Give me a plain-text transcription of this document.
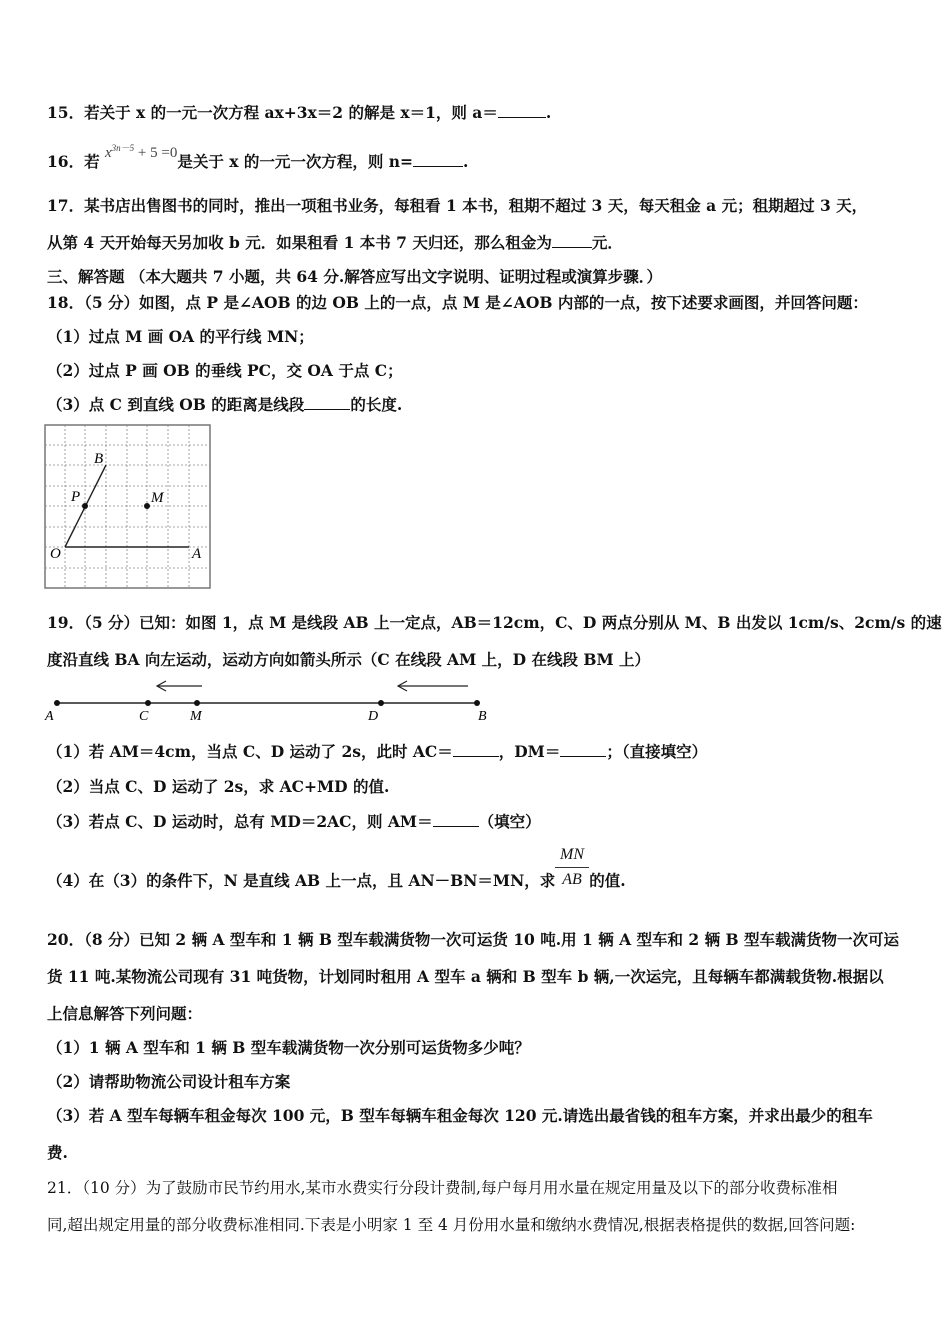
15．若关于 x 的一元一次方程 ax+3x＝2 的解是 x＝1，则 a＝	.
16．若 $x^{3n-5} + 5 =0$是关于 x 的一元一次方程，则 n=	.
17．某书店出售图书的同时，推出一项租书业务，每租看 1 本书，租期不超过 3 天，每天租金 a 元；租期超过 3 天，
从第 4 天开始每天另加收 b 元．如果租看 1 本书 7 天归还，那么租金为	元．
三、解答题 （本大题共 7 小题，共 64 分.解答应写出文字说明、证明过程或演算步骤．）
18．（5 分）如图，点 P 是∠AOB 的边 OB 上的一点，点 M 是∠AOB 内部的一点，按下述要求画图，并回答问题：
（1）过点 M 画 OA 的平行线 MN；
（2）过点 P 画 OB 的垂线 PC，交 OA 于点 C；
（3）点 C 到直线 OB 的距离是线段	的长度.
B
P	M
O	A
19．（5 分）已知：如图 1，点 M 是线段 AB 上一定点，AB＝12cm，C、D 两点分别从 M、B 出发以 1cm/s、2cm/s 的速
度沿直线 BA 向左运动，运动方向如箭头所示（C 在线段 AM 上，D 在线段 BM 上）
A	C	M	D	B
（1）若 AM＝4cm，当点 C、D 运动了 2s，此时 AC＝	，DM＝	；（直接填空）
（2）当点 C、D 运动了 2s，求 AC+MD 的值.
（3）若点 C、D 运动时，总有 MD＝2AC，则 AM＝	（填空）
（4）在（3）的条件下，N 是直线 AB 上一点，且 AN－BN＝MN，求 的值.
MN
AB
20．（8 分）已知 2 辆 A 型车和 1 辆 B 型车载满货物一次可运货 10 吨.用 1 辆 A 型车和 2 辆 B 型车载满货物一次可运
货 11 吨.某物流公司现有 31 吨货物，计划同时租用 A 型车 a 辆和 B 型车 b 辆,一次运完，且每辆车都满载货物.根据以
上信息解答下列问题：
（1）1 辆 A 型车和 1 辆 B 型车载满货物一次分别可运货物多少吨？
（2）请帮助物流公司设计租车方案
（3）若 A 型车每辆车租金每次 100 元，B 型车每辆车租金每次 120 元.请选出最省钱的租车方案，并求出最少的租车
费.
21．（10 分）为了鼓励市民节约用水,某市水费实行分段计费制,每户每月用水量在规定用量及以下的部分收费标准相
同,超出规定用量的部分收费标准相同.下表是小明家 1 至 4 月份用水量和缴纳水费情况,根据表格提供的数据,回答问题:
